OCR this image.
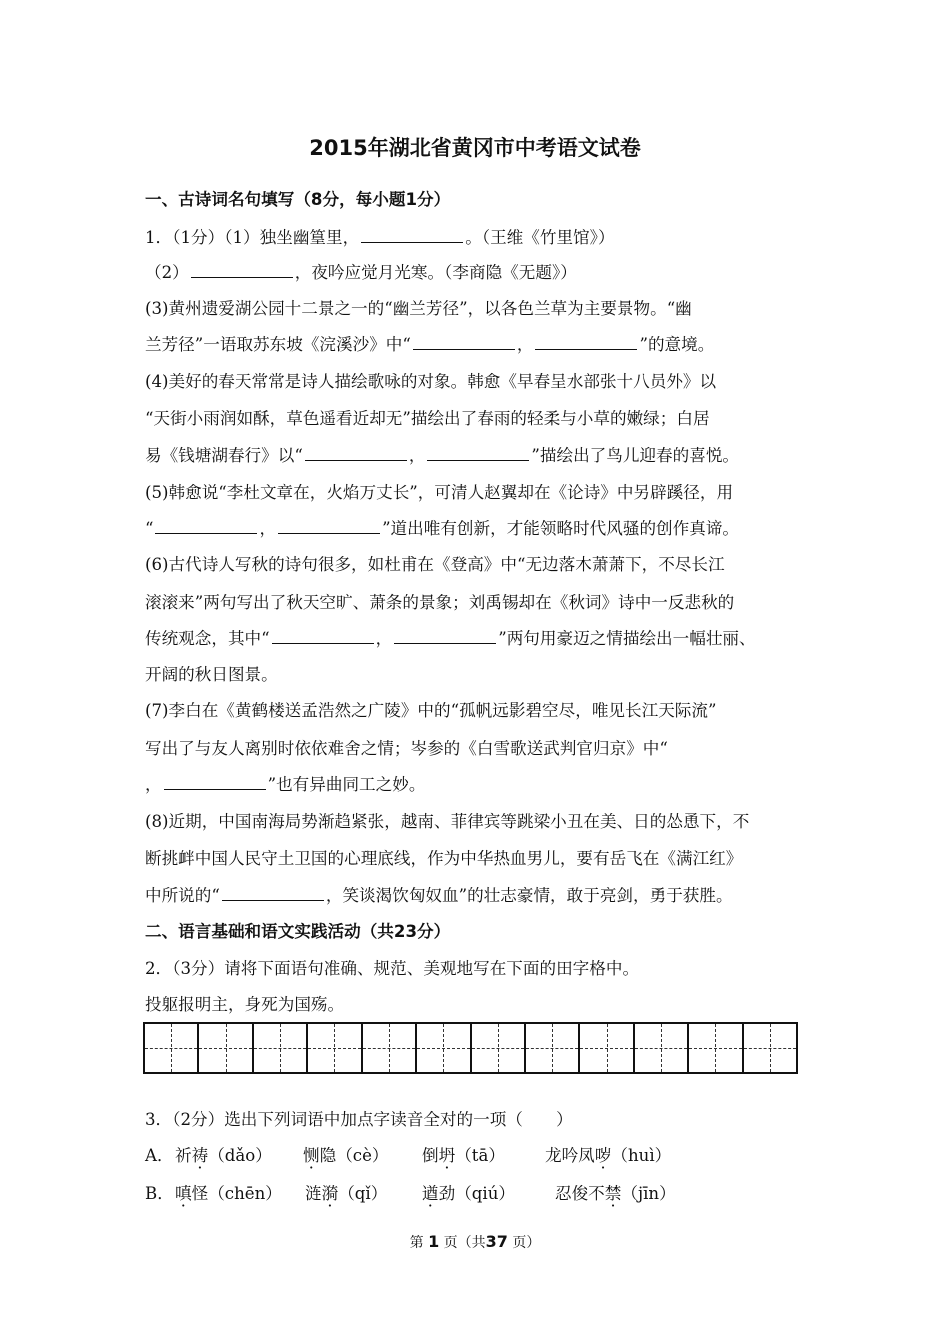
2015年湖北省黄冈市中考语文试卷
一、古诗词名句填写（8分，每小题1分）
1．（1分）（1）独坐幽篁里，	。（王维《竹里馆》）
（2）	，夜吟应觉月光寒。（李商隐《无题》）
(3)黄州遗爱湖公园十二景之一的“幽兰芳径”，以各色兰草为主要景物。“幽
兰芳径”一语取苏东坡《浣溪沙》中“	，	”的意境。
(4)美好的春天常常是诗人描绘歌咏的对象。韩愈《早春呈水部张十八员外》以
“天街小雨润如酥，草色遥看近却无”描绘出了春雨的轻柔与小草的嫩绿；白居
易《钱塘湖春行》以“	，	”描绘出了鸟儿迎春的喜悦。
(5)韩愈说“李杜文章在，火焰万丈长”，可清人赵翼却在《论诗》中另辟蹊径，用
“	，	”道出唯有创新，才能领略时代风骚的创作真谛。
(6)古代诗人写秋的诗句很多，如杜甫在《登高》中“无边落木萧萧下，不尽长江
滚滚来”两句写出了秋天空旷、萧条的景象；刘禹锡却在《秋词》诗中一反悲秋的
传统观念，其中“	，	”两句用豪迈之情描绘出一幅壮丽、
开阔的秋日图景。
(7)李白在《黄鹤楼送孟浩然之广陵》中的“孤帆远影碧空尽，唯见长江天际流”
写出了与友人离别时依依难舍之情；岑参的《白雪歌送武判官归京》中“
，	”也有异曲同工之妙。
(8)近期，中国南海局势渐趋紧张，越南、菲律宾等跳梁小丑在美、日的怂恿下，不
断挑衅中国人民守土卫国的心理底线，作为中华热血男儿，要有岳飞在《满江红》
中所说的“	，笑谈渴饮匈奴血”的壮志豪情，敢于亮剑，勇于获胜。
二、语言基础和语文实践活动（共23分）
2．（3分）请将下面语句准确、规范、美观地写在下面的田字格中。
投躯报明主，身死为国殇。
3．（2分）选出下列词语中加点字读音全对的一项（　　）
A． 祈祷（dǎo） 恻隐（cè） 倒坍（tā） 龙吟凤哕（huì）
B． 嗔怪（chēn） 涟漪（qǐ） 遒劲（qiú） 忍俊不禁（jīn）
第 1 页（共37 页）
